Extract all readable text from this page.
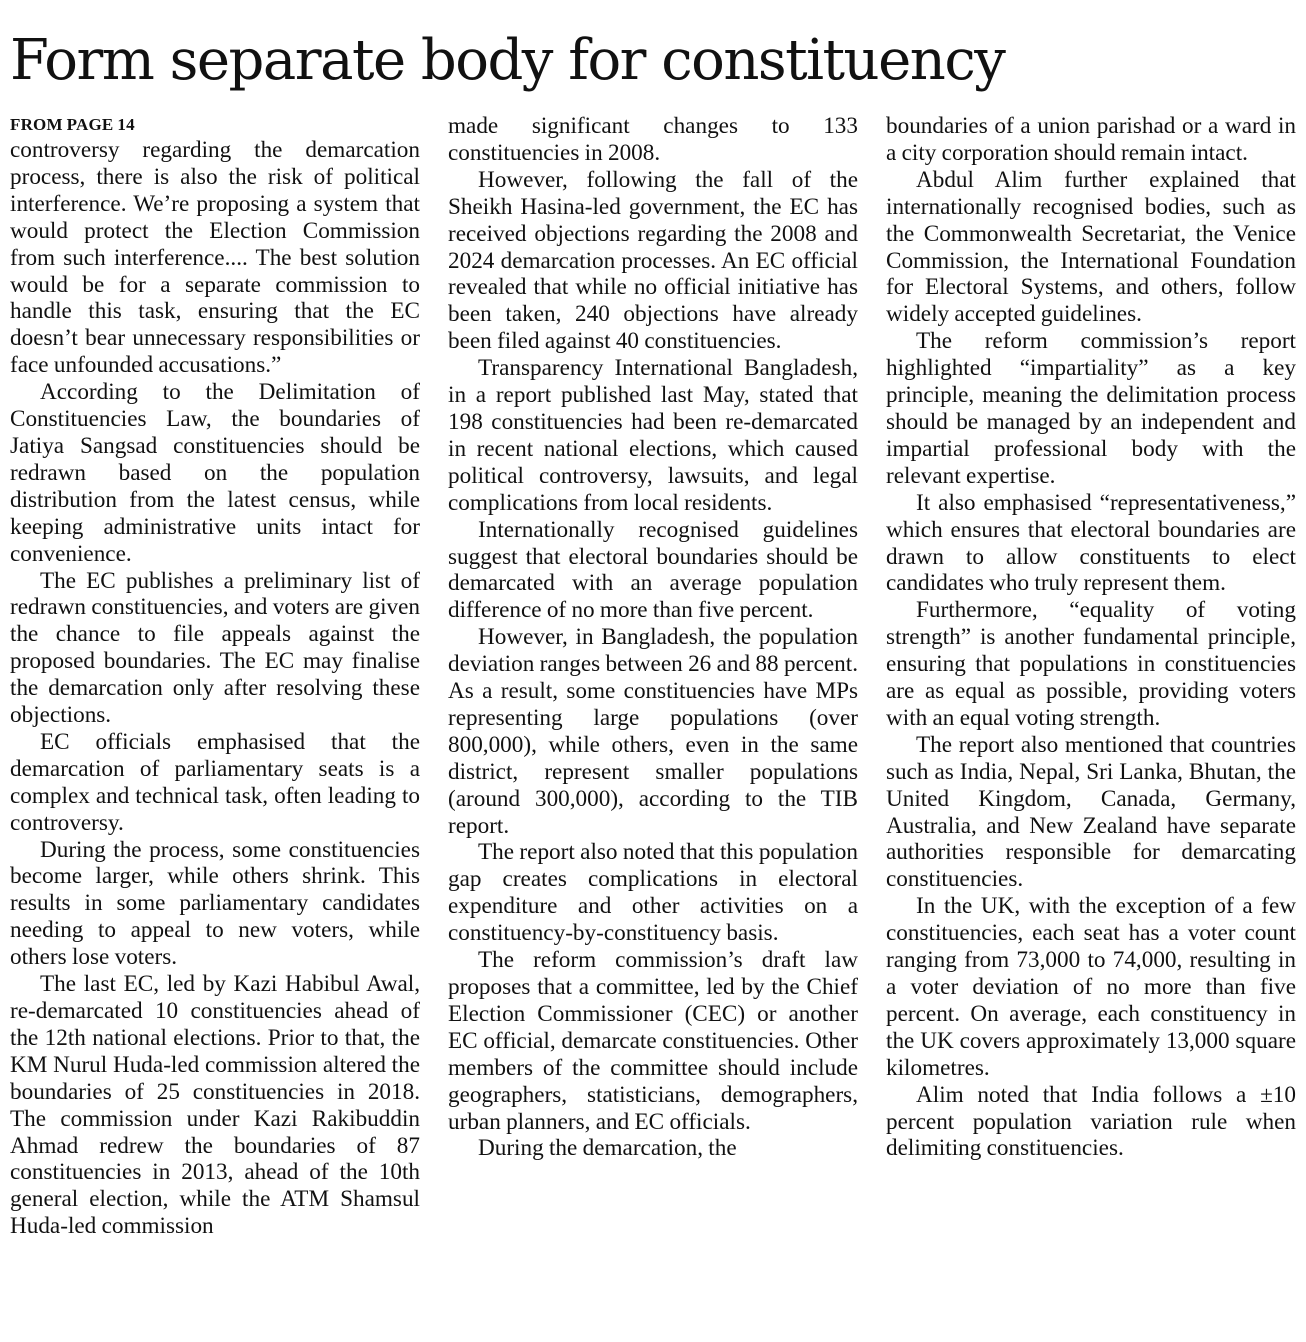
Form separate body for constituency
FROM PAGE 14

controversy regarding the demarcation process, there is also the risk of political interference. We’re proposing a system that would protect the Election Commission from such interference.... The best solution would be for a separate commission to handle this task, ensuring that the EC doesn’t bear unnecessary responsibilities or face unfounded accusations.”

According to the Delimitation of Constituencies Law, the boundaries of Jatiya Sangsad constituencies should be redrawn based on the population distribution from the latest census, while keeping administrative units intact for convenience.

The EC publishes a preliminary list of redrawn constituencies, and voters are given the chance to file appeals against the proposed boundaries. The EC may finalise the demarcation only after resolving these objections.

EC officials emphasised that the demarcation of parliamentary seats is a complex and technical task, often leading to controversy.

During the process, some constituencies become larger, while others shrink. This results in some parliamentary candidates needing to appeal to new voters, while others lose voters.

The last EC, led by Kazi Habibul Awal, re-demarcated 10 constituencies ahead of the 12th national elections. Prior to that, the KM Nurul Huda-led commission altered the boundaries of 25 constituencies in 2018. The commission under Kazi Rakibuddin Ahmad redrew the boundaries of 87 constituencies in 2013, ahead of the 10th general election, while the ATM Shamsul Huda-led commission

made significant changes to 133 constituencies in 2008.

However, following the fall of the Sheikh Hasina-led government, the EC has received objections regarding the 2008 and 2024 demarcation processes. An EC official revealed that while no official initiative has been taken, 240 objections have already been filed against 40 constituencies.

Transparency International Bangladesh, in a report published last May, stated that 198 constituencies had been re-demarcated in recent national elections, which caused political controversy, lawsuits, and legal complications from local residents.

Internationally recognised guidelines suggest that electoral boundaries should be demarcated with an average population difference of no more than five percent.

However, in Bangladesh, the population deviation ranges between 26 and 88 percent. As a result, some constituencies have MPs representing large populations (over 800,000), while others, even in the same district, represent smaller populations (around 300,000), according to the TIB report.

The report also noted that this population gap creates complications in electoral expenditure and other activities on a constituency-by-constituency basis.

The reform commission’s draft law proposes that a committee, led by the Chief Election Commissioner (CEC) or another EC official, demarcate constituencies. Other members of the committee should include geographers, statisticians, demographers, urban planners, and EC officials.

During the demarcation, the

boundaries of a union parishad or a ward in a city corporation should remain intact.

Abdul Alim further explained that internationally recognised bodies, such as the Commonwealth Secretariat, the Venice Commission, the International Foundation for Electoral Systems, and others, follow widely accepted guidelines.

The reform commission’s report highlighted “impartiality” as a key principle, meaning the delimitation process should be managed by an independent and impartial professional body with the relevant expertise.

It also emphasised “representativeness,” which ensures that electoral boundaries are drawn to allow constituents to elect candidates who truly represent them.

Furthermore, “equality of voting strength” is another fundamental principle, ensuring that populations in constituencies are as equal as possible, providing voters with an equal voting strength.

The report also mentioned that countries such as India, Nepal, Sri Lanka, Bhutan, the United Kingdom, Canada, Germany, Australia, and New Zealand have separate authorities responsible for demarcating constituencies.

In the UK, with the exception of a few constituencies, each seat has a voter count ranging from 73,000 to 74,000, resulting in a voter deviation of no more than five percent. On average, each constituency in the UK covers approximately 13,000 square kilometres.

Alim noted that India follows a ±10 percent population variation rule when delimiting constituencies.
